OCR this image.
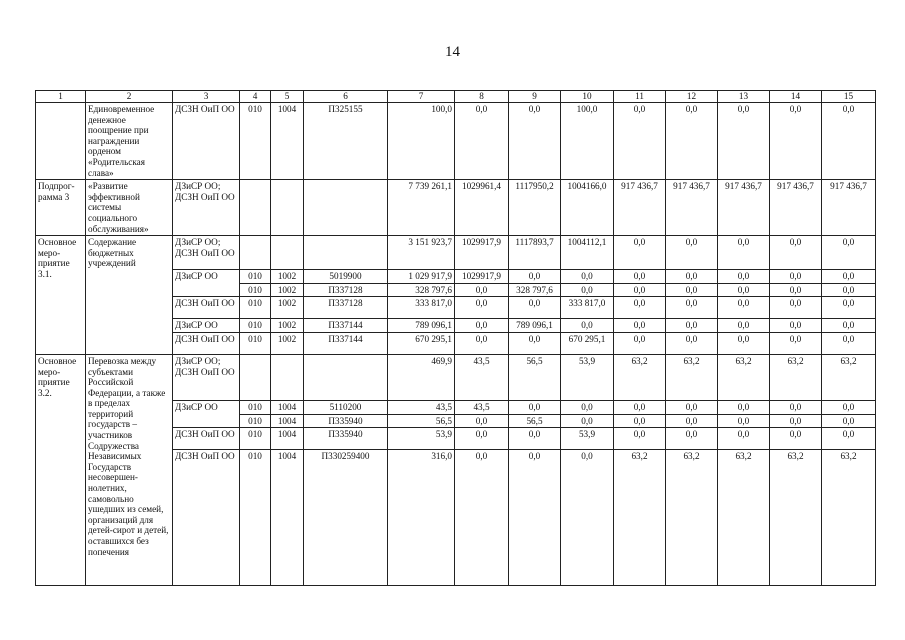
14
1	2	3	4	5	6	7	8	9	10	11	12	13	14	15
	Единовременное денежное поощрение при награждении орденом «Родительская слава»	ДСЗН ОиП ОО	010	1004	П325155	100,0	0,0	0,0	100,0	0,0	0,0	0,0	0,0	0,0
Подпрог-рамма 3	«Развитие эффективной системы социального обслуживания»	ДЗиСР ОО; ДСЗН ОиП ОО				7 739 261,1	1029961,4	1117950,2	1004166,0	917 436,7	917 436,7	917 436,7	917 436,7	917 436,7
Основное меро-приятие 3.1.	Содержание бюджетных учреждений	ДЗиСР ОО; ДСЗН ОиП ОО				3 151 923,7	1029917,9	1117893,7	1004112,1	0,0	0,0	0,0	0,0	0,0
		ДЗиСР ОО	010	1002	5019900	1 029 917,9	1029917,9	0,0	0,0	0,0	0,0	0,0	0,0	0,0
			010	1002	П337128	328 797,6	0,0	328 797,6	0,0	0,0	0,0	0,0	0,0	0,0
		ДСЗН ОиП ОО	010	1002	П337128	333 817,0	0,0	0,0	333 817,0	0,0	0,0	0,0	0,0	0,0
		ДЗиСР ОО	010	1002	П337144	789 096,1	0,0	789 096,1	0,0	0,0	0,0	0,0	0,0	0,0
		ДСЗН ОиП ОО	010	1002	П337144	670 295,1	0,0	0,0	670 295,1	0,0	0,0	0,0	0,0	0,0
Основное меро-приятие 3.2.	Перевозка между субъектами Российской Федерации, а также в пределах территорий государств – участников Содружества Независимых Государств несовершен-нолетних, самовольно ушедших из семей, организаций для детей-сирот и детей, оставшихся без попечения	ДЗиСР ОО; ДСЗН ОиП ОО				469,9	43,5	56,5	53,9	63,2	63,2	63,2	63,2	63,2
		ДЗиСР ОО	010	1004	5110200	43,5	43,5	0,0	0,0	0,0	0,0	0,0	0,0	0,0
			010	1004	П335940	56,5	0,0	56,5	0,0	0,0	0,0	0,0	0,0	0,0
		ДСЗН ОиП ОО	010	1004	П335940	53,9	0,0	0,0	53,9	0,0	0,0	0,0	0,0	0,0
		ДСЗН ОиП ОО	010	1004	П330259400	316,0	0,0	0,0	0,0	63,2	63,2	63,2	63,2	63,2
